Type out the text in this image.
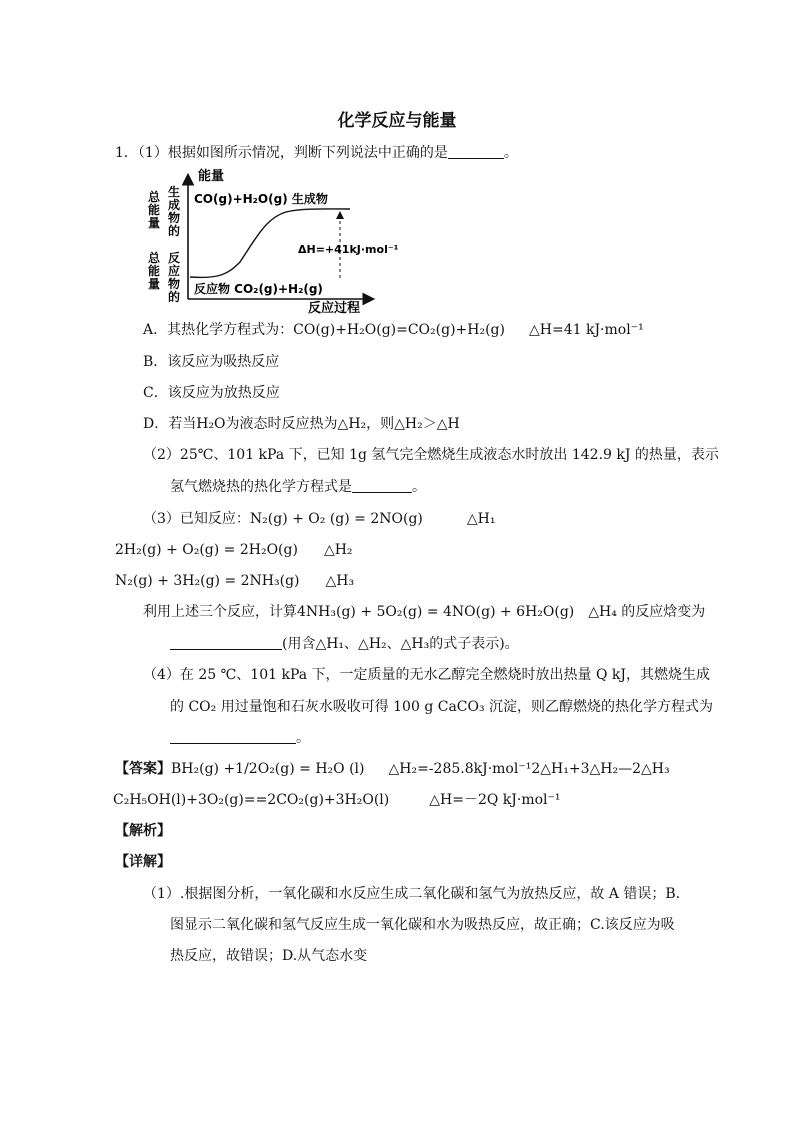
化学反应与能量
1．（1）根据如图所示情况，判断下列说法中正确的是	。
能量
反应过程
总
能
量
生
成
物
的
总
能
量
反
应
物
的
CO(g)+H₂O(g) 生成物
ΔH=+41kJ·mol⁻¹
反应物 CO₂(g)+H₂(g)
A．其热化学方程式为：CO(g)+H₂O(g)=CO₂(g)+H₂(g) △H=41 kJ·mol⁻¹
B．该反应为吸热反应
C．该反应为放热反应
D．若当H₂O为液态时反应热为△H₂，则△H₂＞△H
（2）25℃、101 kPa 下，已知 1g 氢气完全燃烧生成液态水时放出 142.9 kJ 的热量，表示
氢气燃烧热的热化学方程式是	。
（3）已知反应：N₂(g) + O₂ (g) = 2NO(g)	△H₁
2H₂(g) + O₂(g) = 2H₂O(g) △H₂
N₂(g) + 3H₂(g) = 2NH₃(g) △H₃
利用上述三个反应，计算4NH₃(g) + 5O₂(g) = 4NO(g) + 6H₂O(g) △H₄ 的反应焓变为
(用含△H₁、△H₂、△H₃的式子表示)。
（4）在 25 ℃、101 kPa 下，一定质量的无水乙醇完全燃烧时放出热量 Q kJ，其燃烧生成
的 CO₂ 用过量饱和石灰水吸收可得 100 g CaCO₃ 沉淀，则乙醇燃烧的热化学方程式为
。
【答案】BH₂(g) +1/2O₂(g) = H₂O (l) △H₂=-285.8kJ·mol⁻¹2△H₁+3△H₂—2△H₃
C₂H₅OH(l)+3O₂(g)==2CO₂(g)+3H₂O(l)	△H=－2Q kJ·mol⁻¹
【解析】
【详解】
（1）.根据图分析，一氧化碳和水反应生成二氧化碳和氢气为放热反应，故 A 错误；B.
图显示二氧化碳和氢气反应生成一氧化碳和水为吸热反应，故正确；C.该反应为吸
热反应，故错误；D.从气态水变
